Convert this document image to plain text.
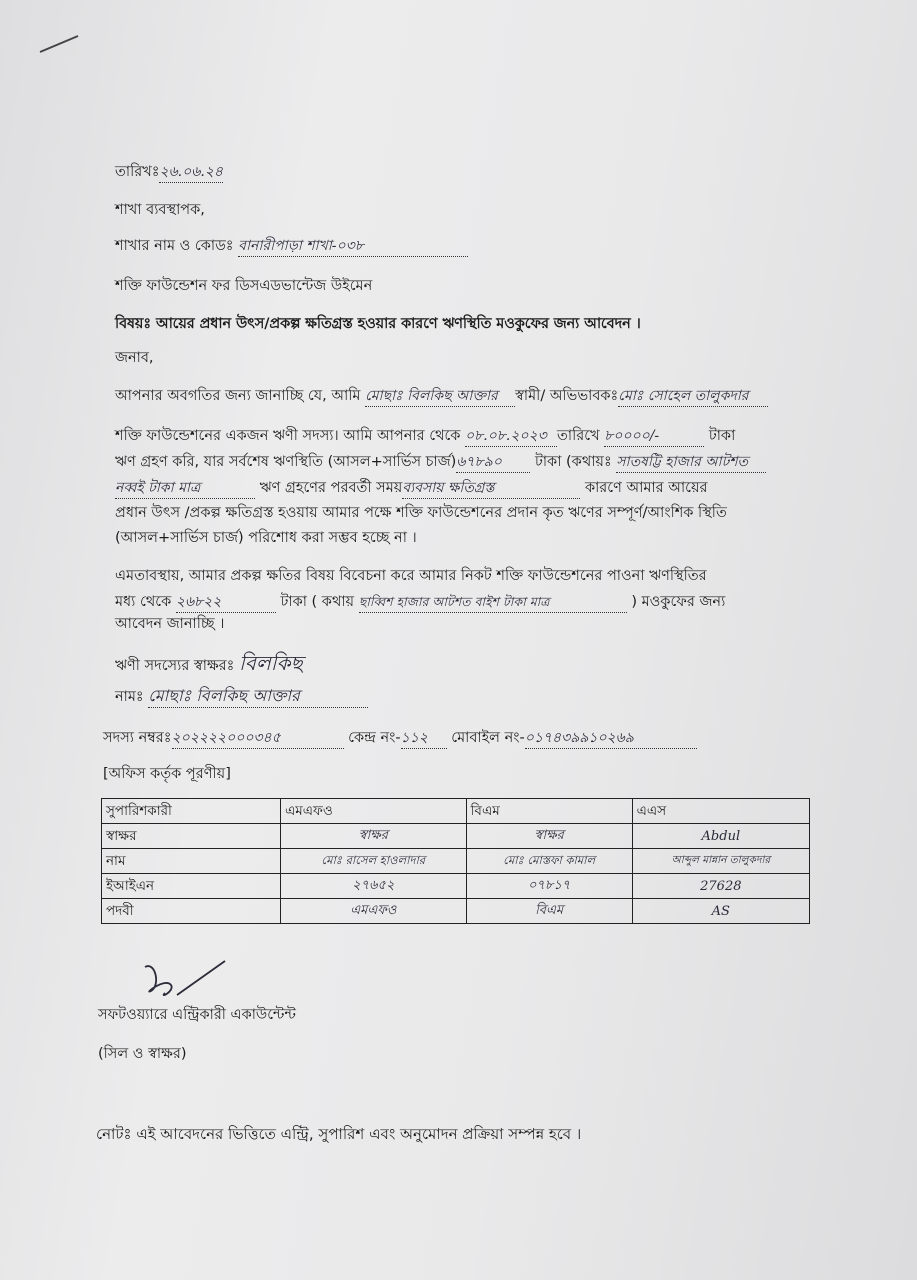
তারিখঃ২৬.০৬.২৪
শাখা ব্যবস্থাপক,
শাখার নাম ও কোডঃ বানারীপাড়া শাখা-০৩৮
শক্তি ফাউন্ডেশন ফর ডিসএডভান্টেজ উইমেন
বিষয়ঃ আয়ের প্রধান উৎস/প্রকল্প ক্ষতিগ্রস্ত হওয়ার কারণে ঋণস্থিতি মওকুফের জন্য আবেদন ।
জনাব,
আপনার অবগতির জন্য জানাচ্ছি যে, আমি মোছাঃ বিলকিছ আক্তার স্বামী/ অভিভাবকঃমোঃ সোহেল তালুকদার
শক্তি ফাউন্ডেশনের একজন ঋণী সদস্য। আমি আপনার থেকে ০৮.০৮.২০২৩ তারিখে ৮০০০০/-	টাকা
ঋণ গ্রহণ করি, যার সর্বশেষ ঋণস্থিতি (আসল+সার্ভিস চার্জ)৬৭৮৯০ টাকা (কথায়ঃ সাতষট্টি হাজার আটশত
নব্বই টাকা মাত্র	ঋণ গ্রহণের পরবর্তী সময়ব্যবসায় ক্ষতিগ্রস্ত	কারণে আমার আয়ের
প্রধান উৎস /প্রকল্প ক্ষতিগ্রস্ত হওয়ায় আমার পক্ষে শক্তি ফাউন্ডেশনের প্রদান কৃত ঋণের সম্পূর্ণ/আংশিক স্থিতি
(আসল+সার্ভিস চার্জ) পরিশোধ করা সম্ভব হচ্ছে না ।
এমতাবস্থায়, আমার প্রকল্প ক্ষতির বিষয় বিবেচনা করে আমার নিকট শক্তি ফাউন্ডেশনের পাওনা ঋণস্থিতির
মধ্য থেকে ২৬৮২২	টাকা ( কথায় ছাব্বিশ হাজার আটশত বাইশ টাকা মাত্র	) মওকুফের জন্য
আবেদন জানাচ্ছি ।
ঋণী সদস্যের স্বাক্ষরঃ বিলকিছ
নামঃ মোছাঃ বিলকিছ আক্তার
সদস্য নম্বরঃ২০২২২২০০০৩৪৫	কেন্দ্র নং-১১২ মোবাইল নং-০১৭৪৩৯৯১০২৬৯
[অফিস কর্তৃক পূরণীয়]
সুপারিশকারী	এমএফও	বিএম	এএস
স্বাক্ষর	স্বাক্ষর	স্বাক্ষর	Abdul

নাম	মোঃ রাসেল হাওলাদার	মোঃ মোস্তফা কামাল	আব্দুল মান্নান তালুকদার

ইআইএন	২৭৬৫২	০৭৮১৭	27628

পদবী	এমএফও	বিএম	AS
সফটওয়্যারে এন্ট্রিকারী একাউন্টেন্ট
(সিল ও স্বাক্ষর)
নোটঃ এই আবেদনের ভিত্তিতে এন্ট্রি, সুপারিশ এবং অনুমোদন প্রক্রিয়া সম্পন্ন হবে ।
